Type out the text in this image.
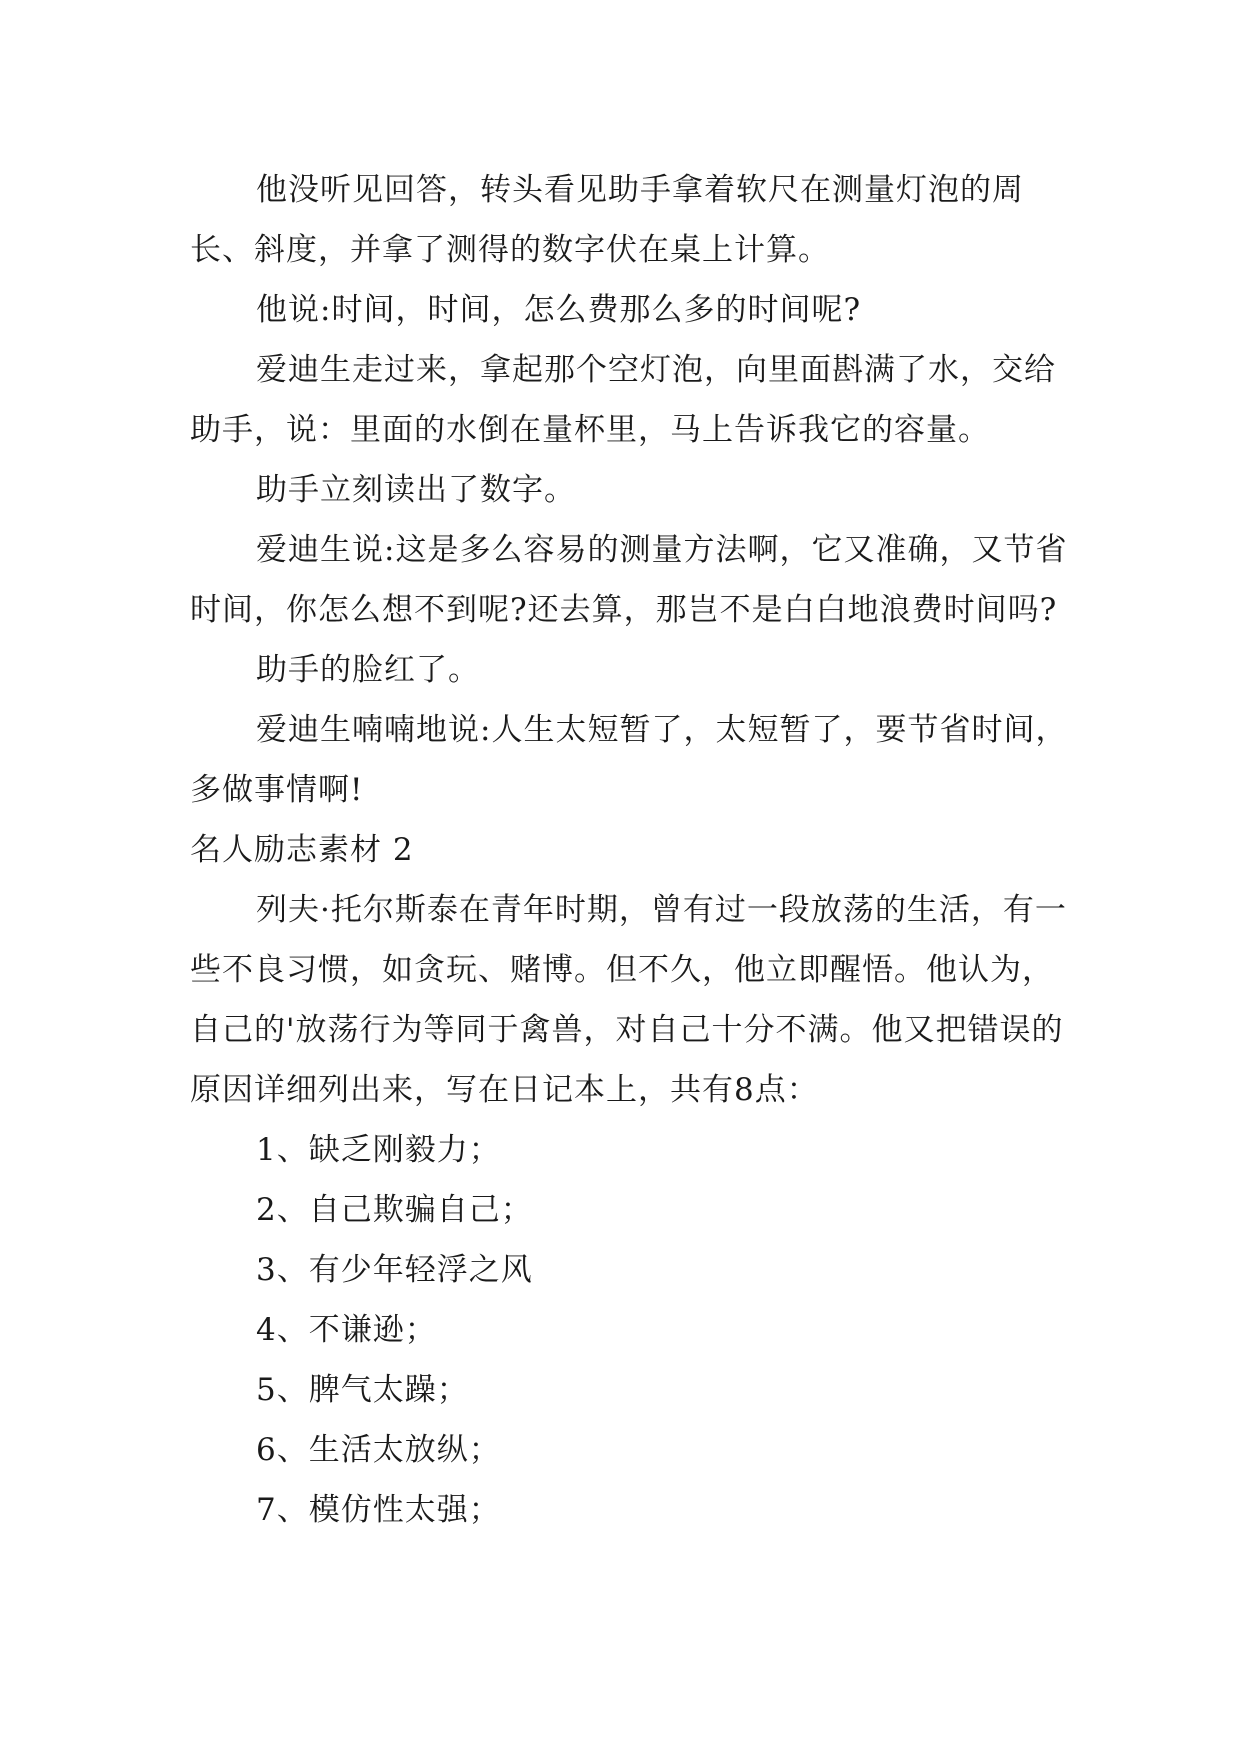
他没听见回答，转头看见助手拿着软尺在测量灯泡的周长、斜度，并拿了测得的数字伏在桌上计算。

他说:时间，时间，怎么费那么多的时间呢?

爱迪生走过来，拿起那个空灯泡，向里面斟满了水，交给助手，说：里面的水倒在量杯里，马上告诉我它的容量。

助手立刻读出了数字。

爱迪生说:这是多么容易的测量方法啊，它又准确，又节省时间，你怎么想不到呢?还去算，那岂不是白白地浪费时间吗?

助手的脸红了。

爱迪生喃喃地说:人生太短暂了，太短暂了，要节省时间，多做事情啊!

名人励志素材 2

列夫·托尔斯泰在青年时期，曾有过一段放荡的生活，有一些不良习惯，如贪玩、赌博。但不久，他立即醒悟。他认为，自己的'放荡行为等同于禽兽，对自己十分不满。他又把错误的原因详细列出来，写在日记本上，共有8点：

1、缺乏刚毅力；

2、自己欺骗自己；

3、有少年轻浮之风

4、不谦逊；

5、脾气太躁；

6、生活太放纵；

7、模仿性太强；
